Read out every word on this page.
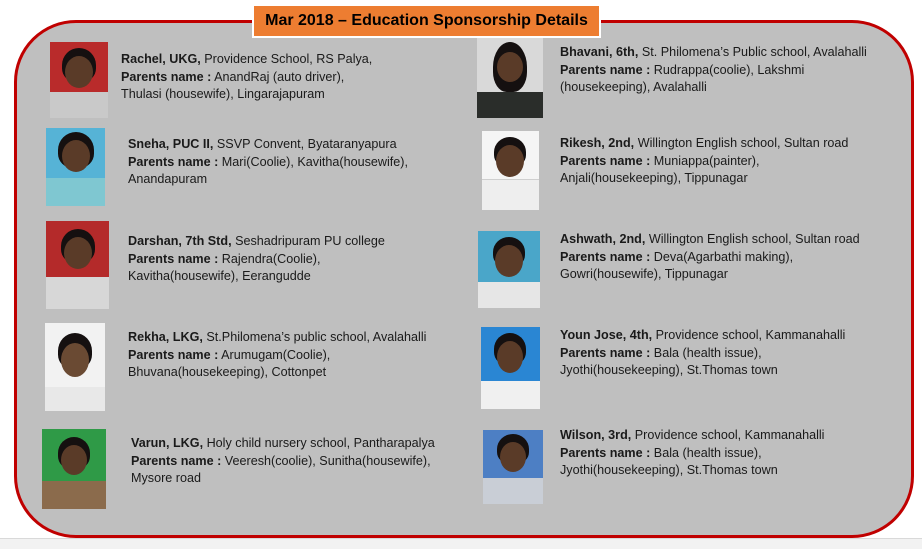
Mar 2018 – Education Sponsorship Details
Rachel, UKG, Providence School, RS Palya,
Parents name : AnandRaj (auto driver),
Thulasi (housewife), Lingarajapuram
Sneha, PUC II, SSVP Convent, Byataranyapura
Parents name : Mari(Coolie), Kavitha(housewife),
Anandapuram
Darshan, 7th Std, Seshadripuram PU college
Parents name : Rajendra(Coolie),
Kavitha(housewife), Eeranguddе
Rekha, LKG, St.Philomena’s public school, Avalahalli
Parents name : Arumugam(Coolie),
Bhuvana(housekeeping), Cottonpet
Varun, LKG, Holy child nursery school, Pantharapalya
Parents name : Veeresh(coolie), Sunitha(housewife),
Mysore road
Bhavani, 6th, St. Philomena’s Public school, Avalahalli
Parents name : Rudrappa(coolie), Lakshmi
(housekeeping), Avalahalli
Rikesh, 2nd, Willington English school, Sultan road
Parents name : Muniappa(painter),
Anjali(housekeeping), Tippunagar
Ashwath, 2nd, Willington English school, Sultan road
Parents name : Deva(Agarbathi making),
Gowri(housewife), Tippunagar
Youn Jose, 4th, Providence school, Kammanahalli
Parents name : Bala (health issue),
Jyothi(housekeeping), St.Thomas town
Wilson, 3rd, Providence school, Kammanahalli
Parents name : Bala (health issue),
Jyothi(housekeeping), St.Thomas town
